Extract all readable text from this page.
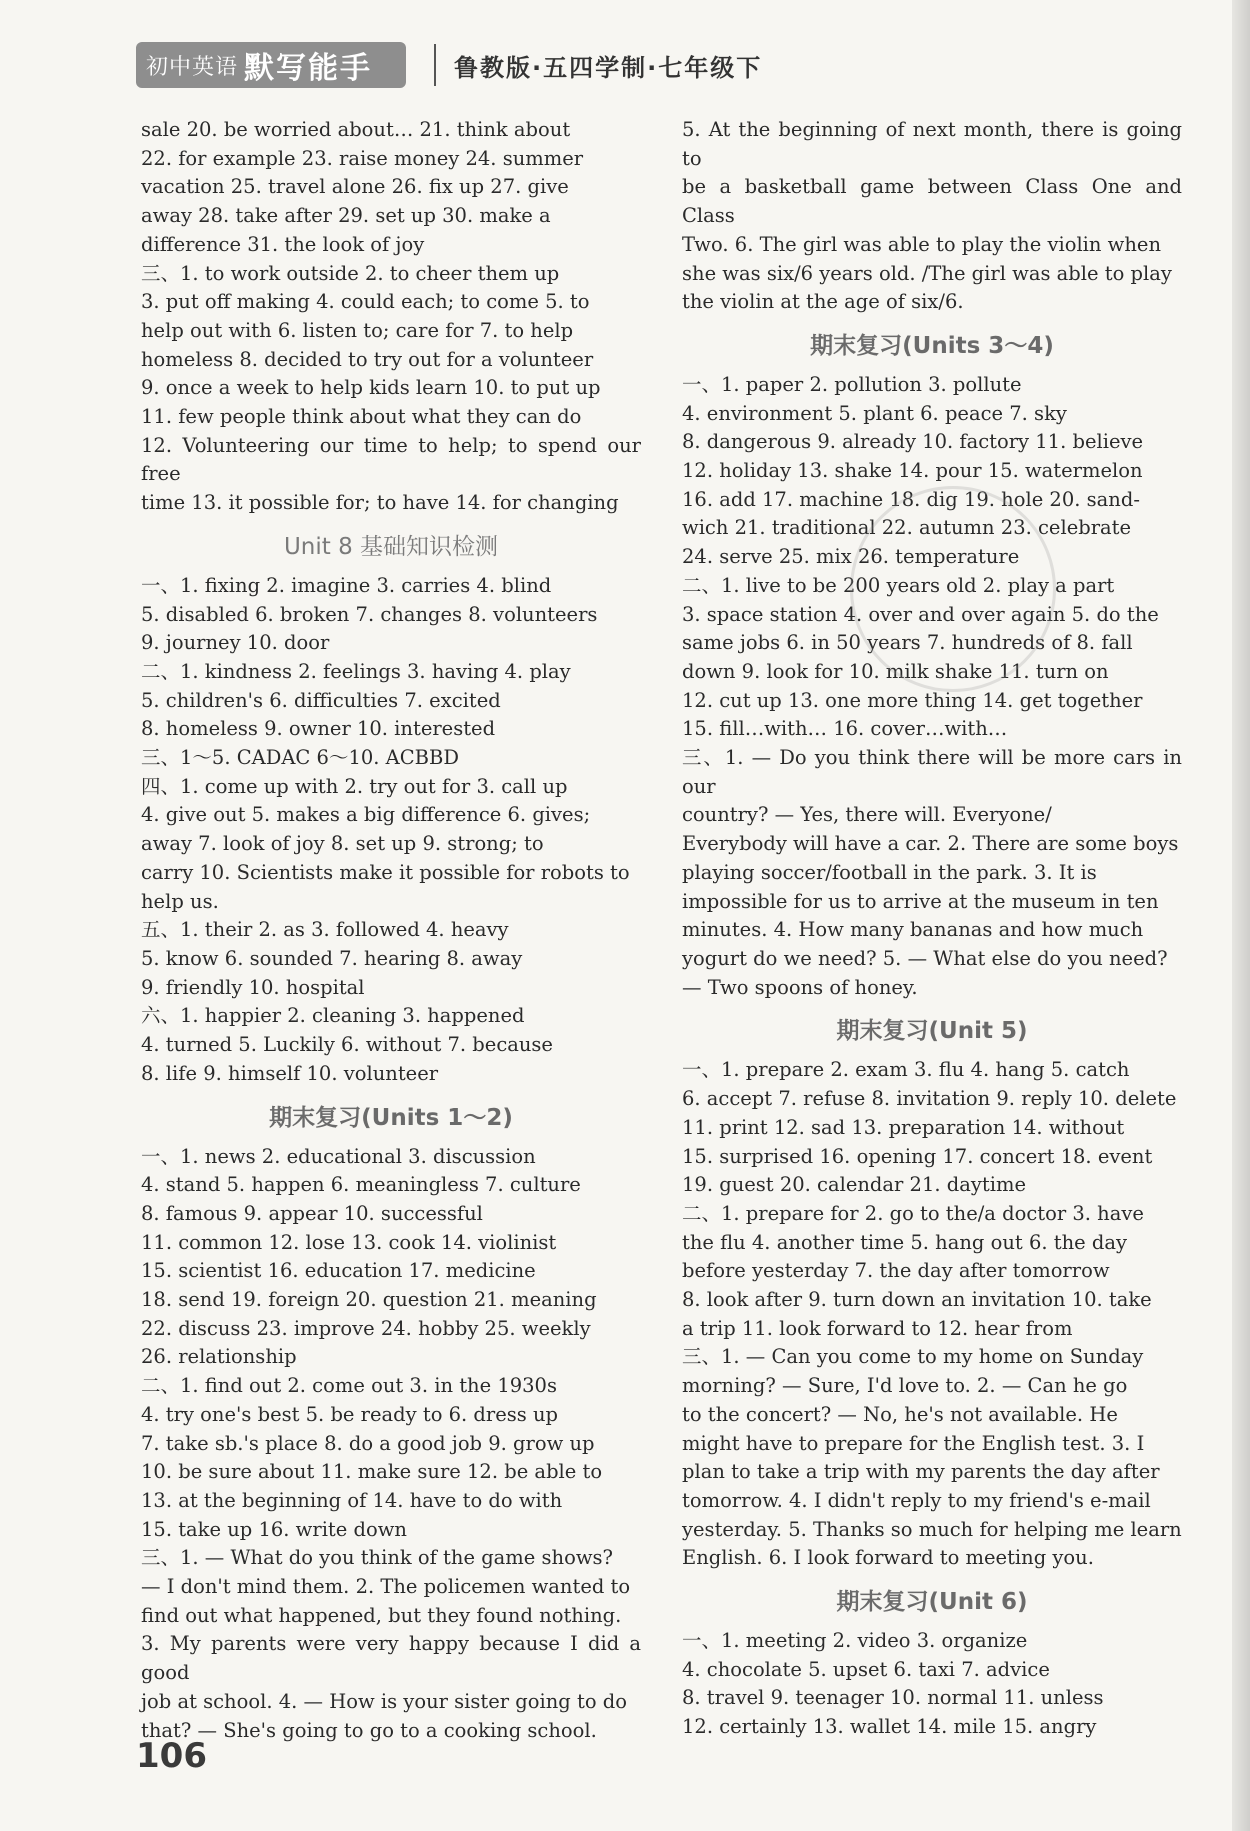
初中英语 默写能手	鲁教版·五四学制·七年级下

sale 20. be worried about… 21. think about

22. for example 23. raise money 24. summer

vacation 25. travel alone 26. fix up 27. give

away 28. take after 29. set up 30. make a

difference 31. the look of joy

三、1. to work outside 2. to cheer them up

3. put off making 4. could each; to come 5. to

help out with 6. listen to; care for 7. to help

homeless 8. decided to try out for a volunteer

9. once a week to help kids learn 10. to put up

11. few people think about what they can do

12. Volunteering our time to help; to spend our free

time 13. it possible for; to have 14. for changing

Unit 8 基础知识检测

一、1. fixing 2. imagine 3. carries 4. blind

5. disabled 6. broken 7. changes 8. volunteers

9. journey 10. door

二、1. kindness 2. feelings 3. having 4. play

5. children's 6. difficulties 7. excited

8. homeless 9. owner 10. interested

三、1～5. CADAC 6～10. ACBBD

四、1. come up with 2. try out for 3. call up

4. give out 5. makes a big difference 6. gives;

away 7. look of joy 8. set up 9. strong; to

carry 10. Scientists make it possible for robots to

help us.

五、1. their 2. as 3. followed 4. heavy

5. know 6. sounded 7. hearing 8. away

9. friendly 10. hospital

六、1. happier 2. cleaning 3. happened

4. turned 5. Luckily 6. without 7. because

8. life 9. himself 10. volunteer

期末复习(Units 1～2)

一、1. news 2. educational 3. discussion

4. stand 5. happen 6. meaningless 7. culture

8. famous 9. appear 10. successful

11. common 12. lose 13. cook 14. violinist

15. scientist 16. education 17. medicine

18. send 19. foreign 20. question 21. meaning

22. discuss 23. improve 24. hobby 25. weekly

26. relationship

二、1. find out 2. come out 3. in the 1930s

4. try one's best 5. be ready to 6. dress up

7. take sb.'s place 8. do a good job 9. grow up

10. be sure about 11. make sure 12. be able to

13. at the beginning of 14. have to do with

15. take up 16. write down

三、1. — What do you think of the game shows?

— I don't mind them. 2. The policemen wanted to

find out what happened, but they found nothing.

3. My parents were very happy because I did a good

job at school. 4. — How is your sister going to do

that? — She's going to go to a cooking school.

5. At the beginning of next month, there is going to

be a basketball game between Class One and Class

Two. 6. The girl was able to play the violin when

she was six/6 years old. /The girl was able to play

the violin at the age of six/6.

期末复习(Units 3～4)

一、1. paper 2. pollution 3. pollute

4. environment 5. plant 6. peace 7. sky

8. dangerous 9. already 10. factory 11. believe

12. holiday 13. shake 14. pour 15. watermelon

16. add 17. machine 18. dig 19. hole 20. sand-

wich 21. traditional 22. autumn 23. celebrate

24. serve 25. mix 26. temperature

二、1. live to be 200 years old 2. play a part

3. space station 4. over and over again 5. do the

same jobs 6. in 50 years 7. hundreds of 8. fall

down 9. look for 10. milk shake 11. turn on

12. cut up 13. one more thing 14. get together

15. fill…with… 16. cover…with…

三、1. — Do you think there will be more cars in our

country? — Yes, there will. Everyone/

Everybody will have a car. 2. There are some boys

playing soccer/football in the park. 3. It is

impossible for us to arrive at the museum in ten

minutes. 4. How many bananas and how much

yogurt do we need? 5. — What else do you need?

— Two spoons of honey.

期末复习(Unit 5)

一、1. prepare 2. exam 3. flu 4. hang 5. catch

6. accept 7. refuse 8. invitation 9. reply 10. delete

11. print 12. sad 13. preparation 14. without

15. surprised 16. opening 17. concert 18. event

19. guest 20. calendar 21. daytime

二、1. prepare for 2. go to the/a doctor 3. have

the flu 4. another time 5. hang out 6. the day

before yesterday 7. the day after tomorrow

8. look after 9. turn down an invitation 10. take

a trip 11. look forward to 12. hear from

三、1. — Can you come to my home on Sunday

morning? — Sure, I'd love to. 2. — Can he go

to the concert? — No, he's not available. He

might have to prepare for the English test. 3. I

plan to take a trip with my parents the day after

tomorrow. 4. I didn't reply to my friend's e-mail

yesterday. 5. Thanks so much for helping me learn

English. 6. I look forward to meeting you.

期末复习(Unit 6)

一、1. meeting 2. video 3. organize

4. chocolate 5. upset 6. taxi 7. advice

8. travel 9. teenager 10. normal 11. unless

12. certainly 13. wallet 14. mile 15. angry

106
